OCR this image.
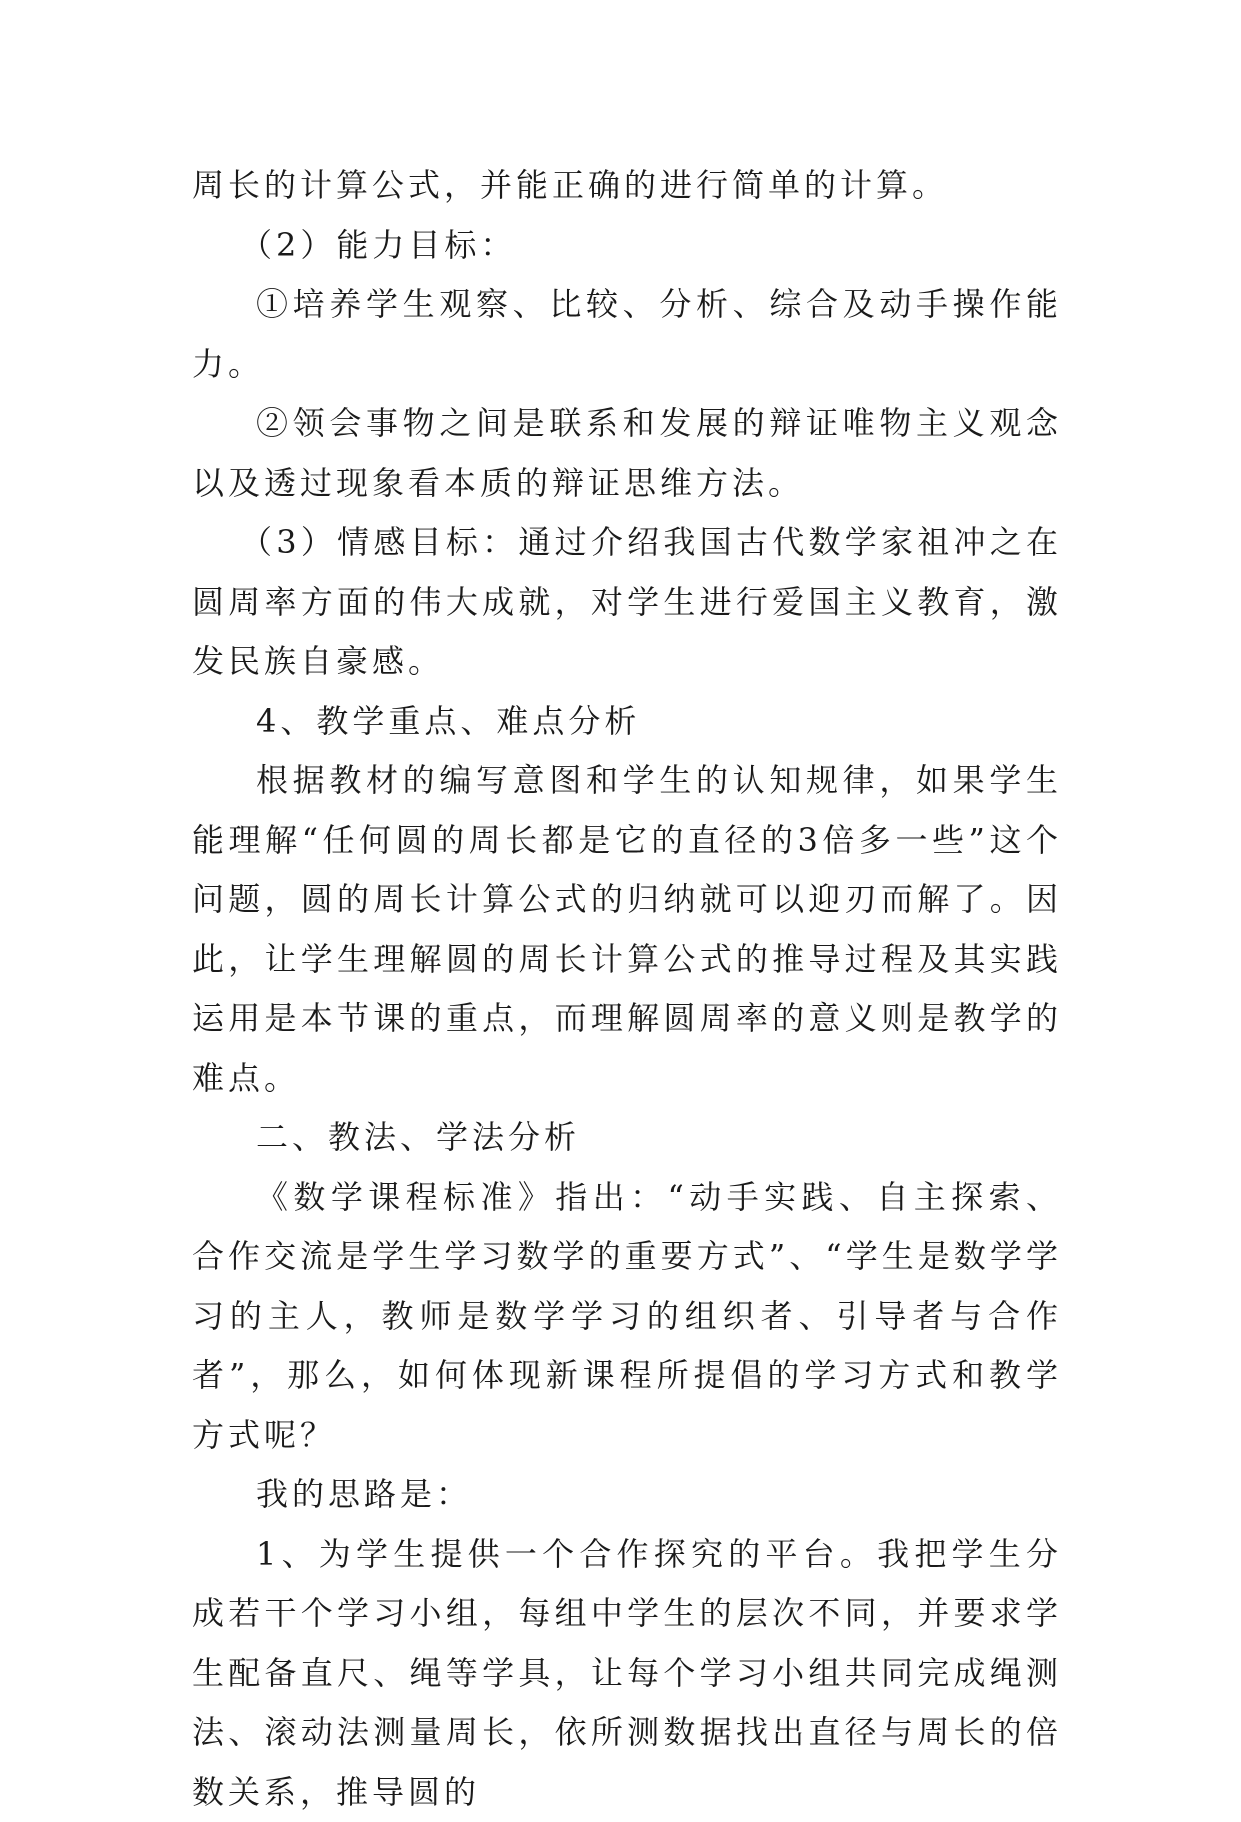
周长的计算公式，并能正确的进行简单的计算。

（2）能力目标：

①培养学生观察、比较、分析、综合及动手操作能力。

②领会事物之间是联系和发展的辩证唯物主义观念以及透过现象看本质的辩证思维方法。

（3）情感目标：通过介绍我国古代数学家祖冲之在圆周率方面的伟大成就，对学生进行爱国主义教育，激发民族自豪感。

4、教学重点、难点分析

根据教材的编写意图和学生的认知规律，如果学生能理解“任何圆的周长都是它的直径的3倍多一些”这个问题，圆的周长计算公式的归纳就可以迎刃而解了。因此，让学生理解圆的周长计算公式的推导过程及其实践运用是本节课的重点，而理解圆周率的意义则是教学的难点。

二、教法、学法分析

《数学课程标准》指出：“动手实践、自主探索、合作交流是学生学习数学的重要方式”、“学生是数学学习的主人，教师是数学学习的组织者、引导者与合作者”，那么，如何体现新课程所提倡的学习方式和教学方式呢？

我的思路是：

1、为学生提供一个合作探究的平台。我把学生分成若干个学习小组，每组中学生的层次不同，并要求学生配备直尺、绳等学具，让每个学习小组共同完成绳测法、滚动法测量周长，依所测数据找出直径与周长的倍数关系，推导圆的
